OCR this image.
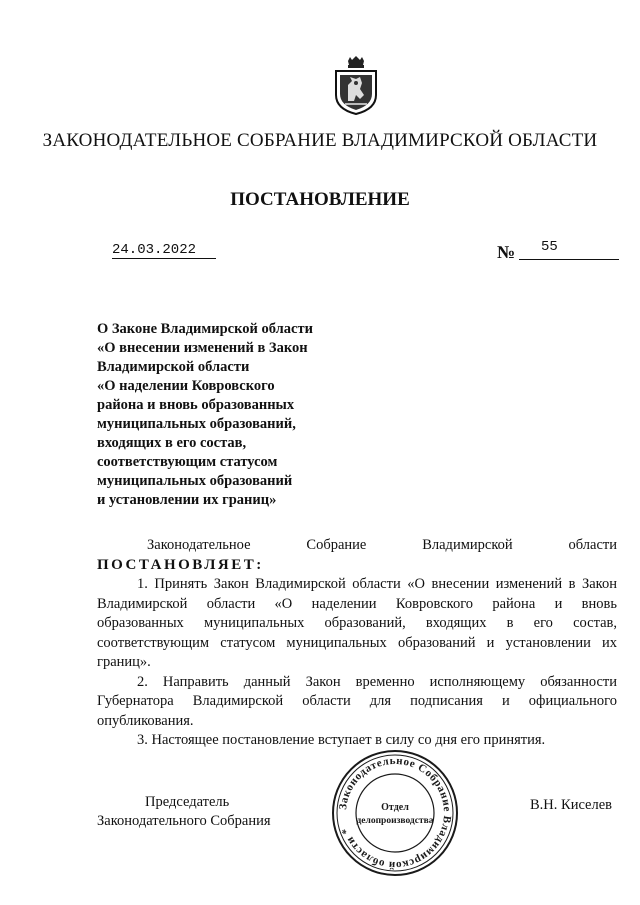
ЗАКОНОДАТЕЛЬНОЕ СОБРАНИЕ ВЛАДИМИРСКОЙ ОБЛАСТИ
ПОСТАНОВЛЕНИЕ
24.03.2022	№ 55
О Законе Владимирской области
«О внесении изменений в Закон
Владимирской области
«О наделении Ковровского
района и вновь образованных
муниципальных образований,
входящих в его состав,
соответствующим статусом
муниципальных образований
и установлении их границ»
Законодательное	Собрание	Владимирской	области
ПОСТАНОВЛЯЕТ:
1. Принять Закон Владимирской области «О внесении изменений в Закон
Владимирской области «О наделении Ковровского района и вновь
образованных муниципальных образований, входящих в его состав,
соответствующим статусом муниципальных образований и установлении их
границ».
2. Направить данный Закон временно исполняющему обязанности
Губернатора Владимирской области для подписания и официального
опубликования.
3. Настоящее постановление вступает в силу со дня его принятия.
Председатель
Законодательного Собрания
В.Н. Киселев
Законодательное Собрание Владимирской области *
Отдел
делопроизводства
